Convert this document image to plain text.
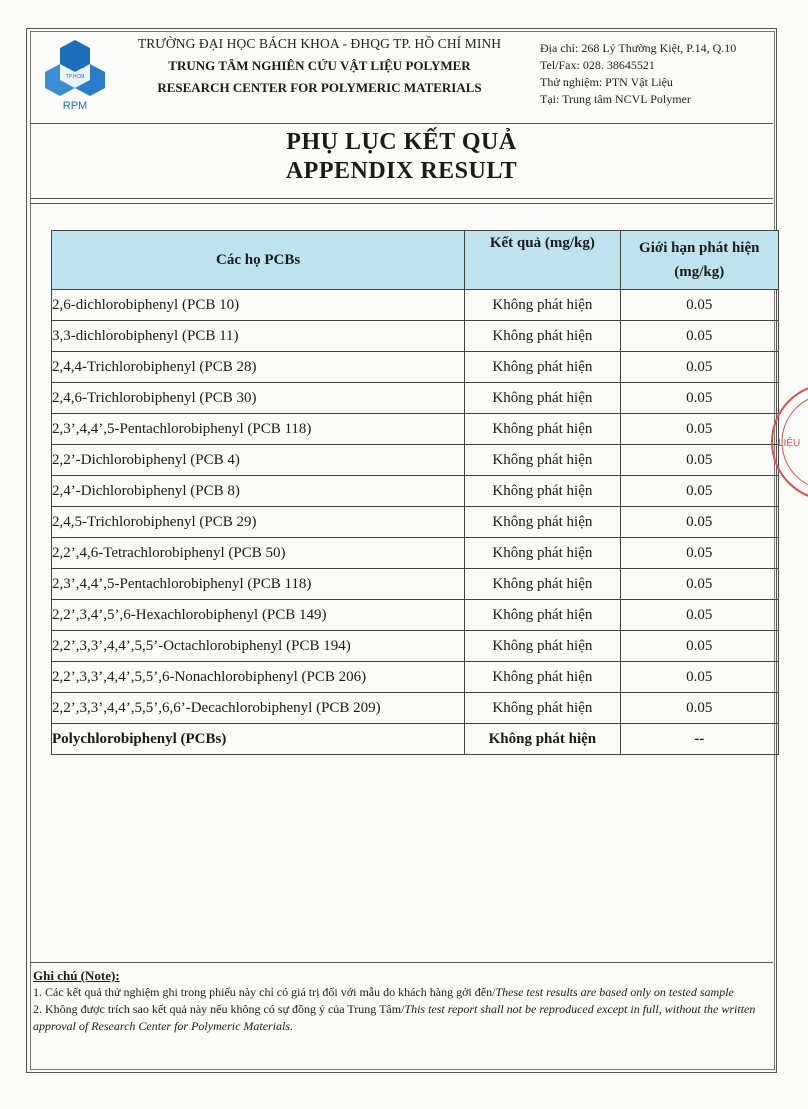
BK
TP.HCM
RPM
TRƯỜNG ĐẠI HỌC BÁCH KHOA - ĐHQG TP. HỒ CHÍ MINH
TRUNG TÂM NGHIÊN CỨU VẬT LIỆU POLYMER
RESEARCH CENTER FOR POLYMERIC MATERIALS
Địa chỉ: 268 Lý Thường Kiệt, P.14, Q.10
Tel/Fax: 028. 38645521
Thử nghiệm: PTN Vật Liệu
Tại: Trung tâm NCVL Polymer
PHỤ LỤC KẾT QUẢ
APPENDIX RESULT
Các họ PCBs	Kết quả (mg/kg)	Giới hạn phát hiện
(mg/kg)

2,6-dichlorobiphenyl (PCB 10)	Không phát hiện	0.05
3,3-dichlorobiphenyl (PCB 11)	Không phát hiện	0.05
2,4,4-Trichlorobiphenyl (PCB 28)	Không phát hiện	0.05
2,4,6-Trichlorobiphenyl (PCB 30)	Không phát hiện	0.05
2,3’,4,4’,5-Pentachlorobiphenyl (PCB 118)	Không phát hiện	0.05
2,2’-Dichlorobiphenyl (PCB 4)	Không phát hiện	0.05
2,4’-Dichlorobiphenyl (PCB 8)	Không phát hiện	0.05
2,4,5-Trichlorobiphenyl (PCB 29)	Không phát hiện	0.05
2,2’,4,6-Tetrachlorobiphenyl (PCB 50)	Không phát hiện	0.05
2,3’,4,4’,5-Pentachlorobiphenyl (PCB 118)	Không phát hiện	0.05
2,2’,3,4’,5’,6-Hexachlorobiphenyl (PCB 149)	Không phát hiện	0.05
2,2’,3,3’,4,4’,5,5’-Octachlorobiphenyl (PCB 194)	Không phát hiện	0.05
2,2’,3,3’,4,4’,5,5’,6-Nonachlorobiphenyl (PCB 206)	Không phát hiện	0.05
2,2’,3,3’,4,4’,5,5’,6,6’-Decachlorobiphenyl (PCB 209)	Không phát hiện	0.05
Polychlorobiphenyl (PCBs)	Không phát hiện	--
Ghi chú (Note):
1. Các kết quả thử nghiệm ghi trong phiếu này chỉ có giá trị đối với mẫu do khách hàng gởi đến/These test results are based only on tested sample
2. Không được trích sao kết quả này nếu không có sự đồng ý của Trung Tâm/This test report shall not be reproduced except in full, without the written approval of Research Center for Polymeric Materials.
LIỆU
